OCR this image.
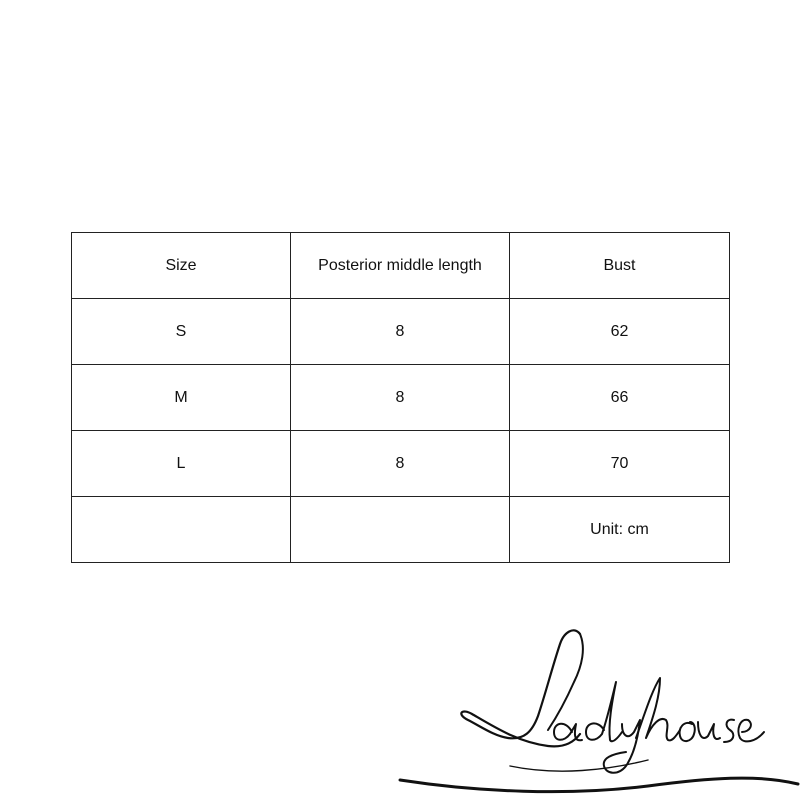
Size	Posterior middle length	Bust
S	8	62
M	8	66
L	8	70
		Unit: cm
